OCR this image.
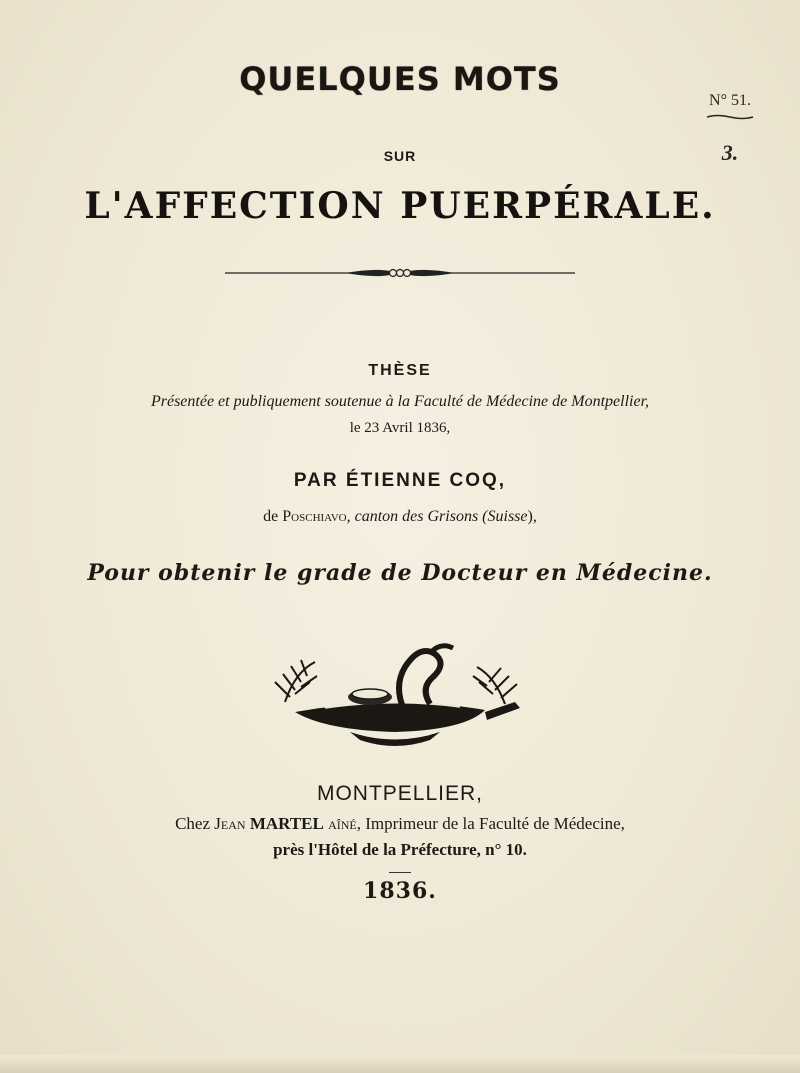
QUELQUES MOTS
SUR
L'AFFECTION PUERPÉRALE.
N° 51.
3.
THÈSE
Présentée et publiquement soutenue à la Faculté de Médecine de Montpellier,
le 23 Avril 1836,
PAR ÉTIENNE COQ,
de Poschiavo, canton des Grisons (Suisse),
Pour obtenir le grade de Docteur en Médecine.
MONTPELLIER,
Chez Jean MARTEL aîné, Imprimeur de la Faculté de Médecine,
près l'Hôtel de la Préfecture, n° 10.
1836.
